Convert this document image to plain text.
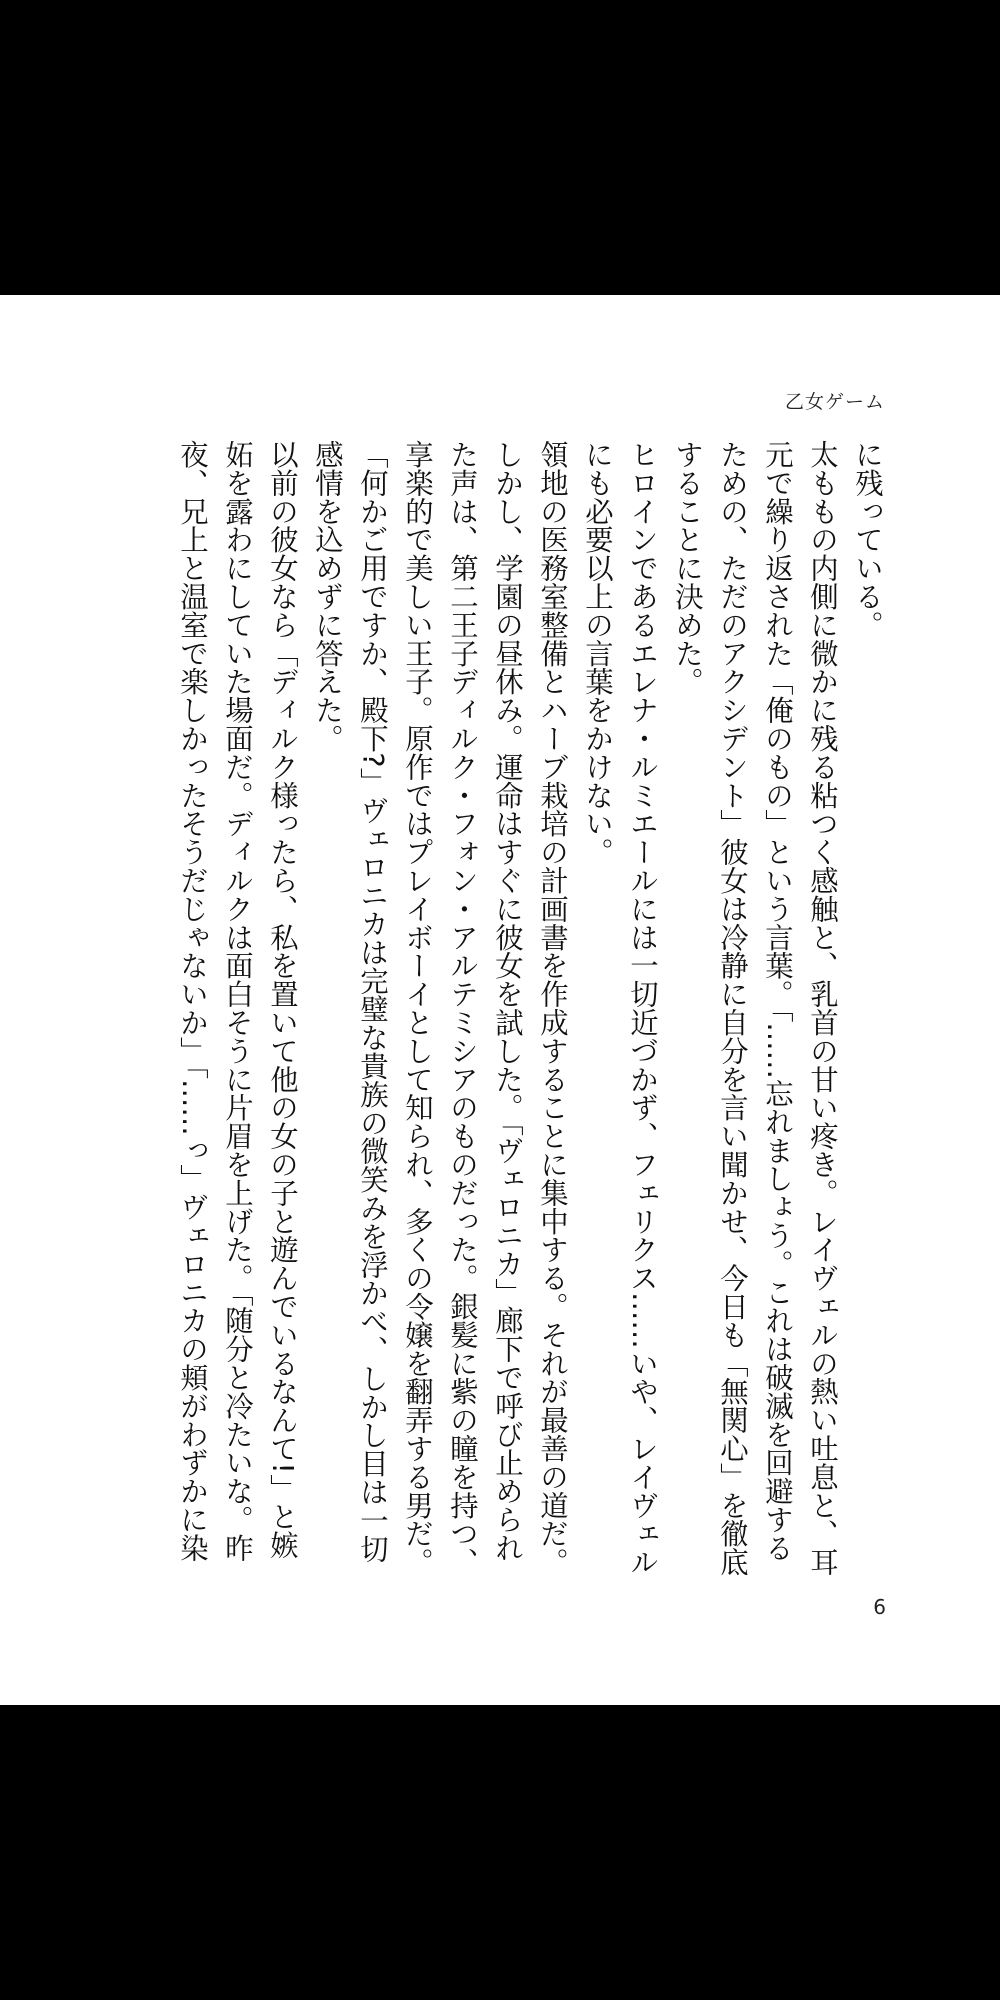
乙女ゲーム
に残っている。
太ももの内側に微かに残る粘つく感触と、乳首の甘い疼き。レイヴェルの熱い吐息と、耳
元で繰り返された「俺のもの」という言葉。「……忘れましょう。これは破滅を回避する
ための、ただのアクシデント」彼女は冷静に自分を言い聞かせ、今日も「無関心」を徹底
することに決めた。
ヒロインであるエレナ・ルミエールには一切近づかず、フェリクス……いや、レイヴェル
にも必要以上の言葉をかけない。
領地の医務室整備とハーブ栽培の計画書を作成することに集中する。それが最善の道だ。
しかし、学園の昼休み。運命はすぐに彼女を試した。「ヴェロニカ」廊下で呼び止められ
た声は、第二王子ディルク・フォン・アルテミシアのものだった。銀髪に紫の瞳を持つ、
享楽的で美しい王子。原作ではプレイボーイとして知られ、多くの令嬢を翻弄する男だ。
「何かご用ですか、殿下?」ヴェロニカは完璧な貴族の微笑みを浮かべ、しかし目は一切
感情を込めずに答えた。
以前の彼女なら「ディルク様ったら、私を置いて他の女の子と遊んでいるなんて!」と嫉
妬を露わにしていた場面だ。ディルクは面白そうに片眉を上げた。「随分と冷たいな。昨
夜、兄上と温室で楽しかったそうだじゃないか」「……っ」ヴェロニカの頬がわずかに染
6
